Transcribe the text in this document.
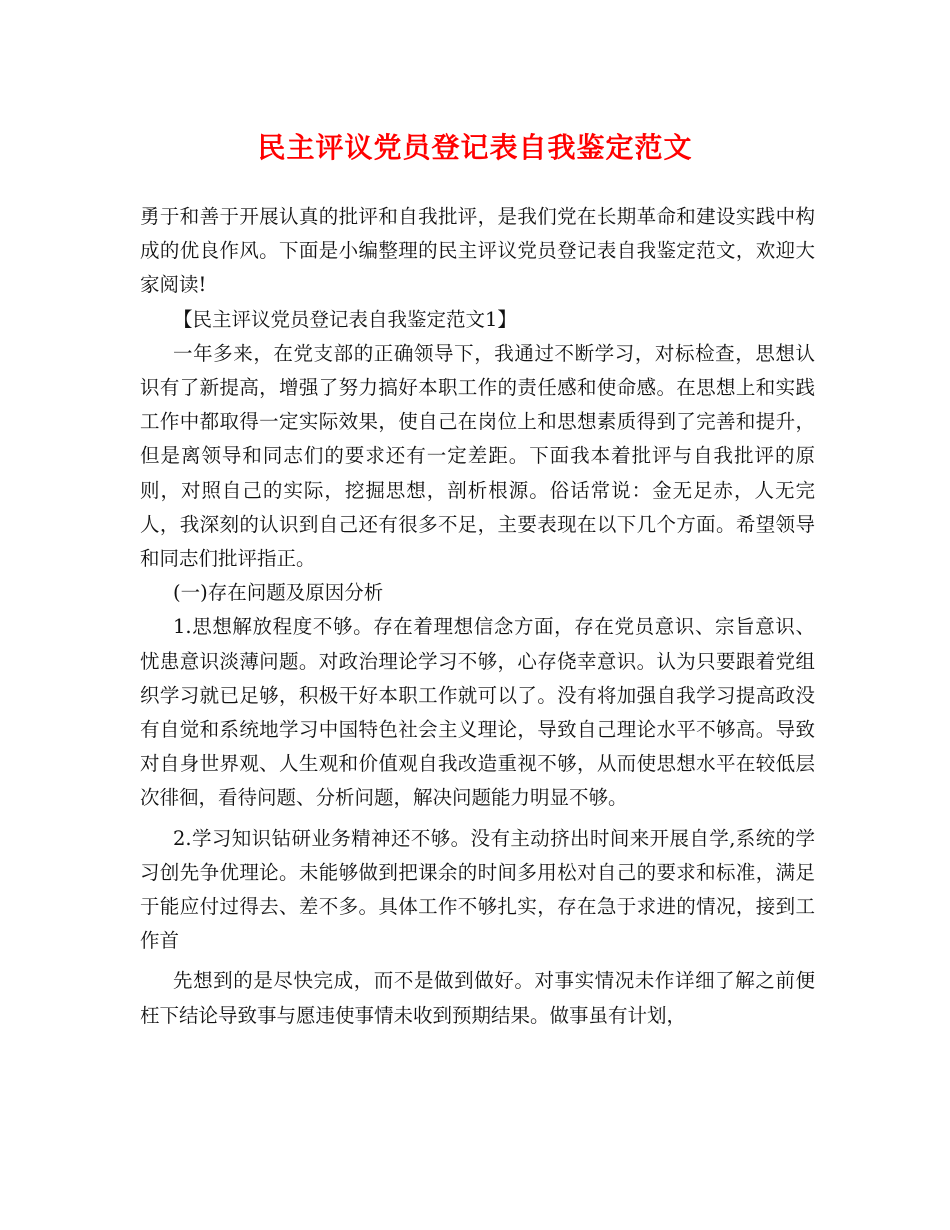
民主评议党员登记表自我鉴定范文

勇于和善于开展认真的批评和自我批评，是我们党在长期革命和建设实践中构成的优良作风。下面是小编整理的民主评议党员登记表自我鉴定范文，欢迎大家阅读!

【民主评议党员登记表自我鉴定范文1】

一年多来，在党支部的正确领导下，我通过不断学习，对标检查，思想认识有了新提高，增强了努力搞好本职工作的责任感和使命感。在思想上和实践工作中都取得一定实际效果，使自己在岗位上和思想素质得到了完善和提升，但是离领导和同志们的要求还有一定差距。下面我本着批评与自我批评的原则，对照自己的实际，挖掘思想，剖析根源。俗话常说：金无足赤，人无完人，我深刻的认识到自己还有很多不足，主要表现在以下几个方面。希望领导和同志们批评指正。

(一)存在问题及原因分析

1.思想解放程度不够。存在着理想信念方面，存在党员意识、宗旨意识、忧患意识淡薄问题。对政治理论学习不够，心存侥幸意识。认为只要跟着党组织学习就已足够，积极干好本职工作就可以了。没有将加强自我学习提高政没有自觉和系统地学习中国特色社会主义理论，导致自己理论水平不够高。导致对自身世界观、人生观和价值观自我改造重视不够，从而使思想水平在较低层次徘徊，看待问题、分析问题，解决问题能力明显不够。

2.学习知识钻研业务精神还不够。没有主动挤出时间来开展自学,系统的学习创先争优理论。未能够做到把课余的时间多用松对自己的要求和标准，满足于能应付过得去、差不多。具体工作不够扎实，存在急于求进的情况，接到工作首

先想到的是尽快完成，而不是做到做好。对事实情况未作详细了解之前便枉下结论导致事与愿违使事情未收到预期结果。做事虽有计划，
